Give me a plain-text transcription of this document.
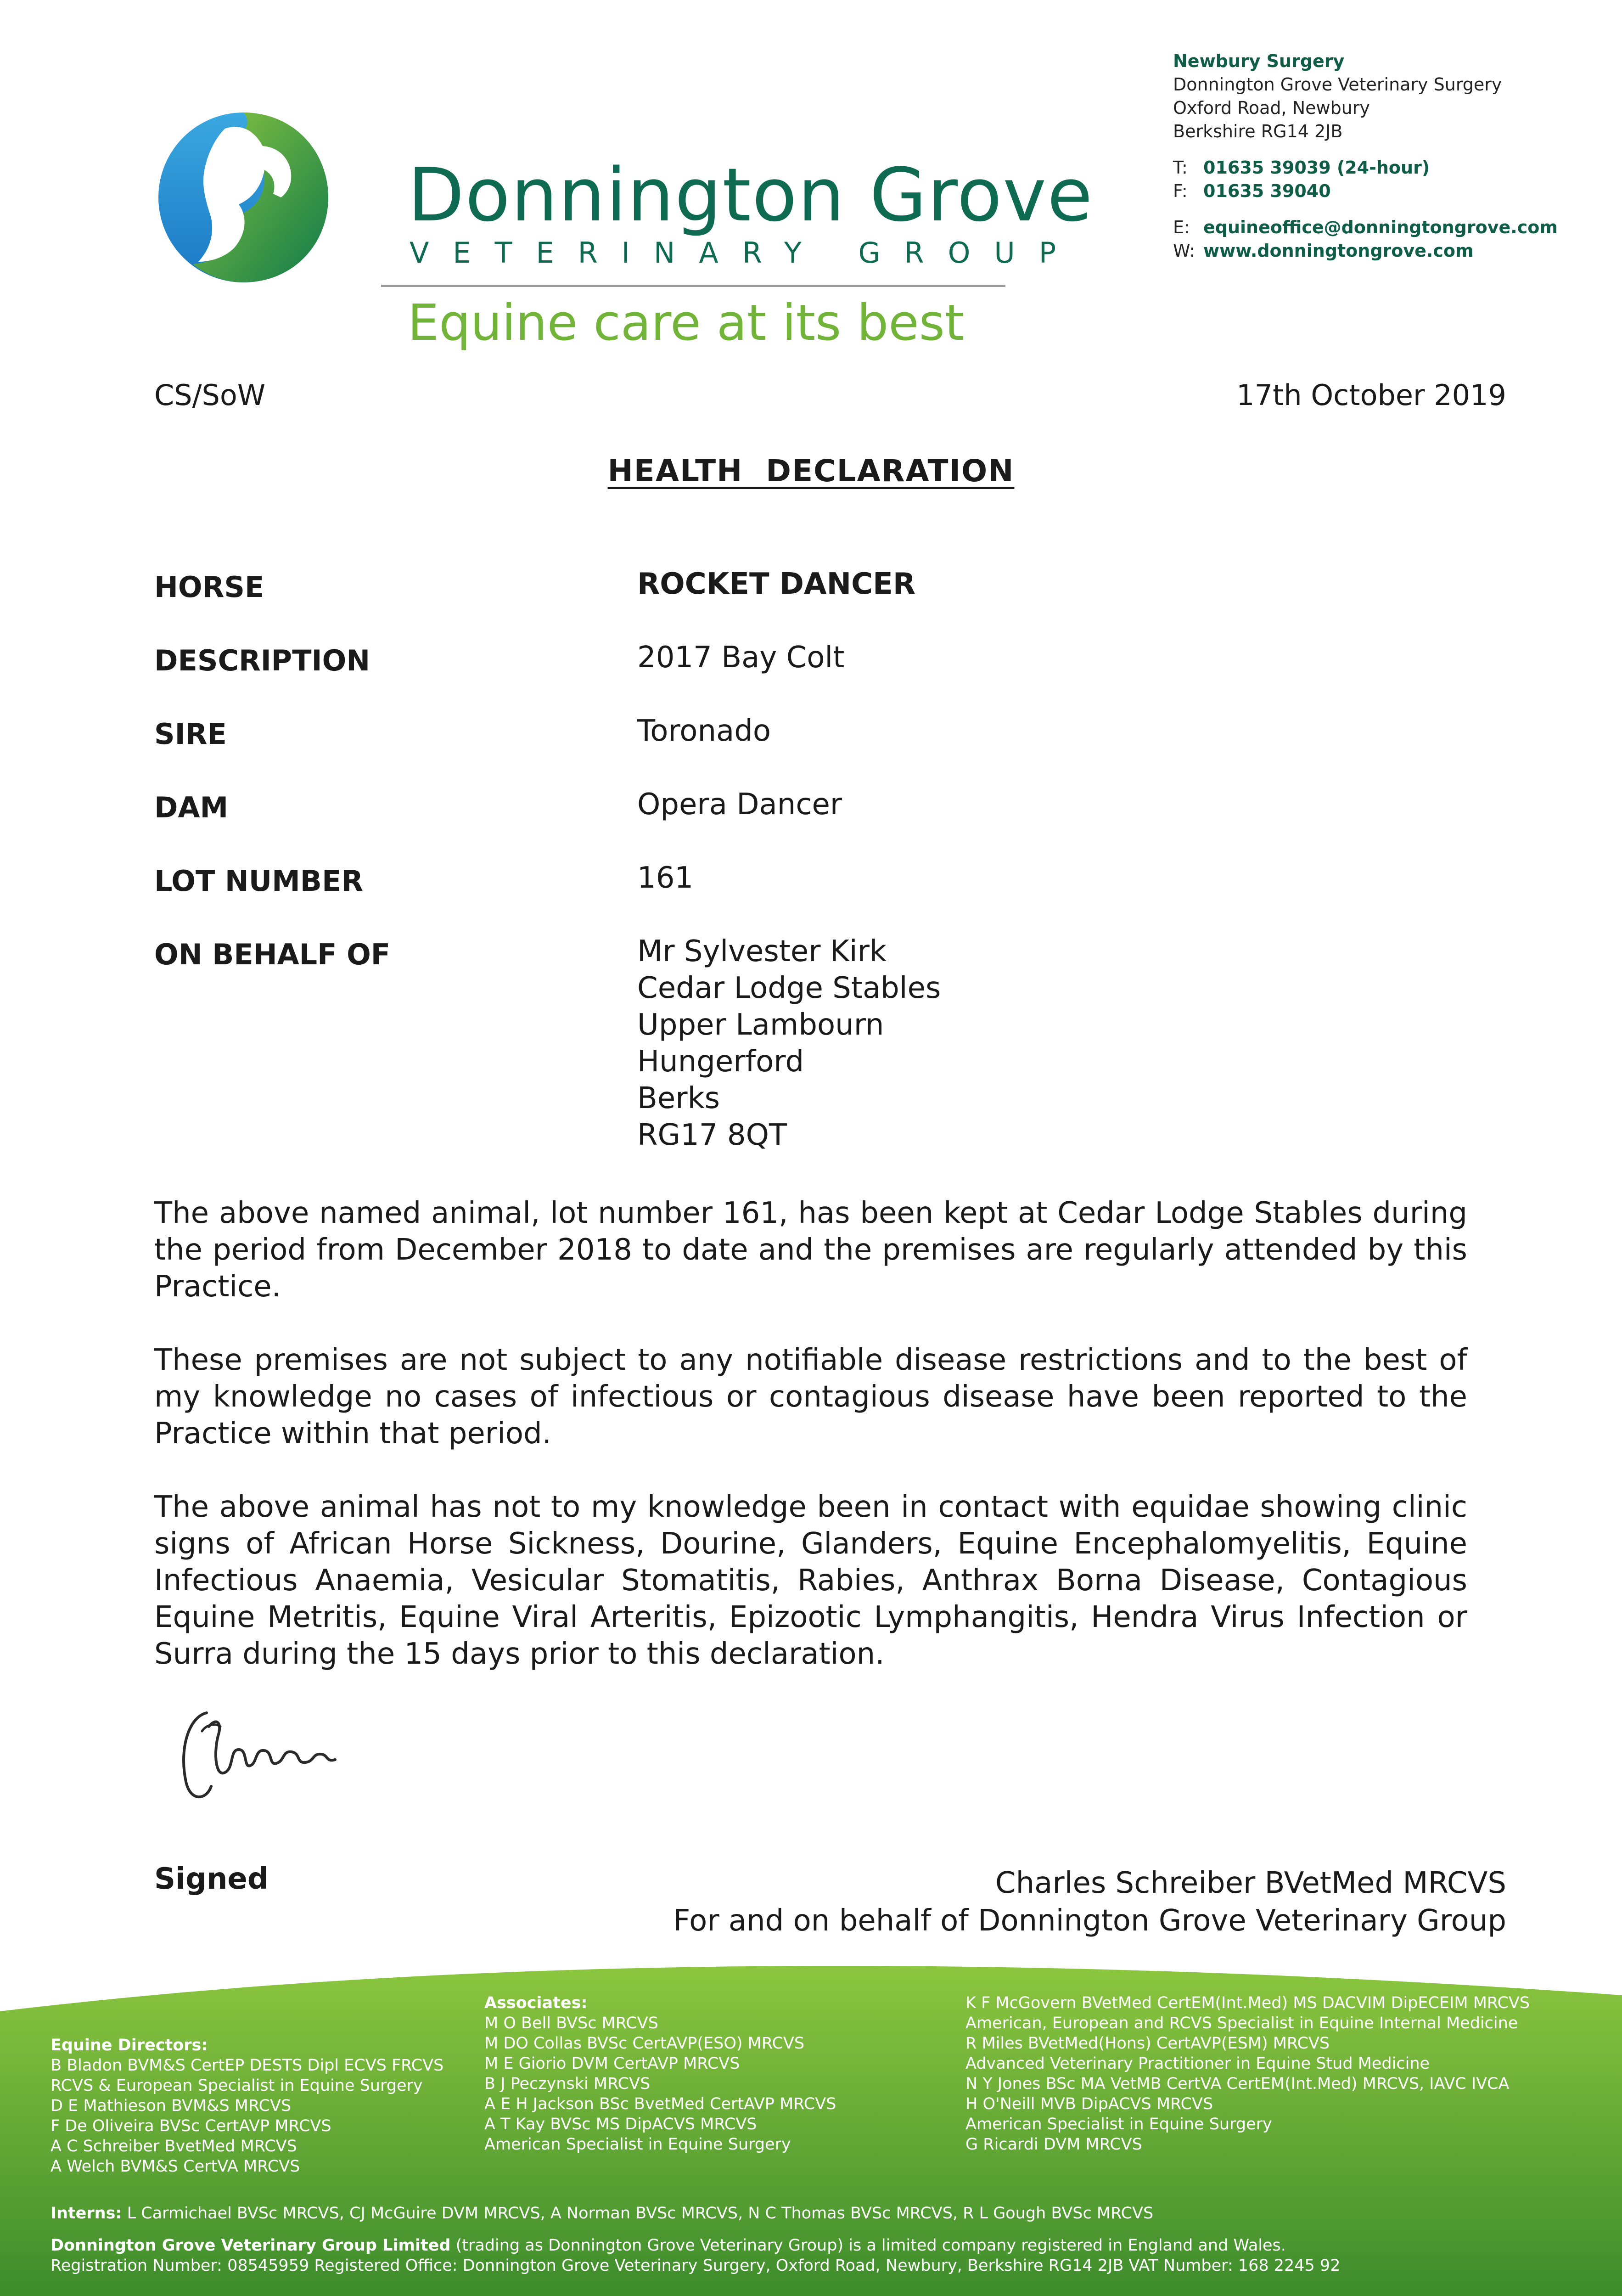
Donnington Grove
VETERINARY GROUP
Equine care at its best
Newbury Surgery
Donnington Grove Veterinary Surgery
Oxford Road, Newbury
Berkshire RG14 2JB
T: 01635 39039 (24-hour)
F: 01635 39040
E: equineoffice@donningtongrove.com
W: www.donningtongrove.com
CS/SoW	17th October 2019
HEALTH  DECLARATION
HORSE	ROCKET DANCER
DESCRIPTION	2017 Bay Colt
SIRE	Toronado
DAM	Opera Dancer
LOT NUMBER	161
ON BEHALF OF	Mr Sylvester Kirk
Cedar Lodge Stables
Upper Lambourn
Hungerford
Berks
RG17 8QT
The above named animal, lot number 161, has been kept at Cedar Lodge Stables during the period from December 2018 to date and the premises are regularly attended by this Practice.
These premises are not subject to any notifiable disease restrictions and to the best of my knowledge no cases of infectious or contagious disease have been reported to the Practice within that period.
The above animal has not to my knowledge been in contact with equidae showing clinic signs of African Horse Sickness, Dourine, Glanders, Equine Encephalomyelitis, Equine Infectious Anaemia, Vesicular Stomatitis, Rabies, Anthrax Borna Disease, Contagious Equine Metritis, Equine Viral Arteritis, Epizootic Lymphangitis, Hendra Virus Infection or Surra during the 15 days prior to this declaration.
Signed	Charles Schreiber BVetMed MRCVS
For and on behalf of Donnington Grove Veterinary Group
Equine Directors:
B Bladon BVM&S CertEP DESTS Dipl ECVS FRCVS
RCVS & European Specialist in Equine Surgery
D E Mathieson BVM&S MRCVS
F De Oliveira BVSc CertAVP MRCVS
A C Schreiber BvetMed MRCVS
A Welch BVM&S CertVA MRCVS
Associates:
M O Bell BVSc MRCVS
M DO Collas BVSc CertAVP(ESO) MRCVS
M E Giorio DVM CertAVP MRCVS
B J Peczynski MRCVS
A E H Jackson BSc BvetMed CertAVP MRCVS
A T Kay BVSc MS DipACVS MRCVS
American Specialist in Equine Surgery
K F McGovern BVetMed CertEM(Int.Med) MS DACVIM DipECEIM MRCVS
American, European and RCVS Specialist in Equine Internal Medicine
R Miles BVetMed(Hons) CertAVP(ESM) MRCVS
Advanced Veterinary Practitioner in Equine Stud Medicine
N Y Jones BSc MA VetMB CertVA CertEM(Int.Med) MRCVS, IAVC IVCA
H O'Neill MVB DipACVS MRCVS
American Specialist in Equine Surgery
G Ricardi DVM MRCVS
Interns: L Carmichael BVSc MRCVS, CJ McGuire DVM MRCVS, A Norman BVSc MRCVS, N C Thomas BVSc MRCVS, R L Gough BVSc MRCVS
Donnington Grove Veterinary Group Limited (trading as Donnington Grove Veterinary Group) is a limited company registered in England and Wales.
Registration Number: 08545959 Registered Office: Donnington Grove Veterinary Surgery, Oxford Road, Newbury, Berkshire RG14 2JB VAT Number: 168 2245 92
